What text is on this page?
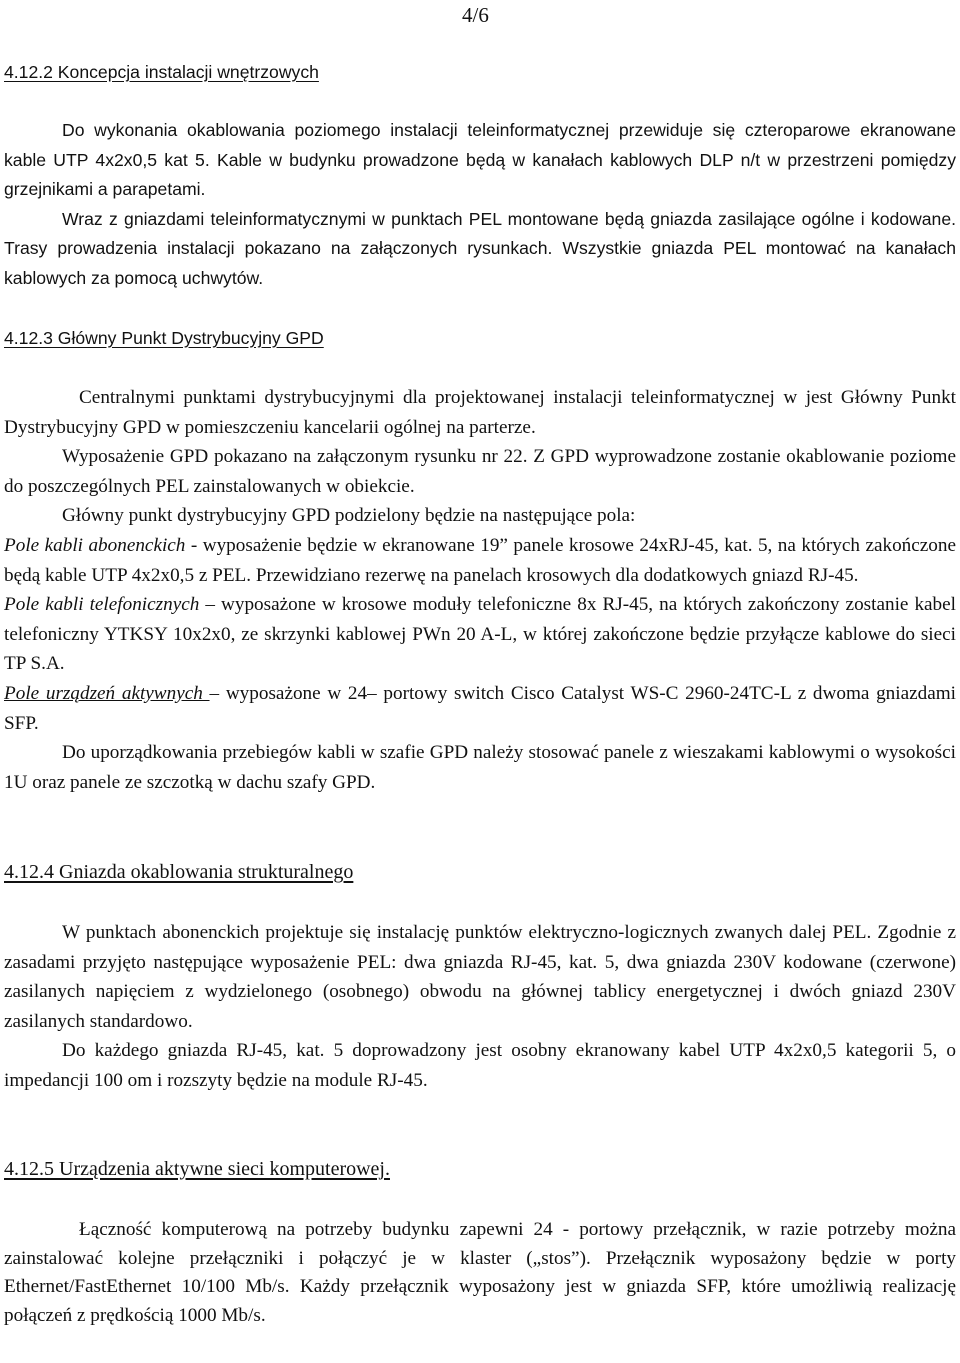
4/6
4.12.2 Koncepcja instalacji wnętrzowych

Do wykonania okablowania poziomego instalacji teleinformatycznej przewiduje się czteroparowe ekranowane kable UTP 4x2x0,5 kat 5. Kable w budynku prowadzone będą w kanałach kablowych DLP n/t w przestrzeni pomiędzy grzejnikami a parapetami.

Wraz z gniazdami teleinformatycznymi w punktach PEL montowane będą gniazda zasilające ogólne i kodowane. Trasy prowadzenia instalacji pokazano na załączonych rysunkach. Wszystkie gniazda PEL montować na kanałach kablowych za pomocą uchwytów.

4.12.3 Główny Punkt Dystrybucyjny GPD

Centralnymi punktami dystrybucyjnymi dla projektowanej instalacji teleinformatycznej w jest Główny Punkt Dystrybucyjny GPD w pomieszczeniu kancelarii ogólnej na parterze.

Wyposażenie GPD pokazano na załączonym rysunku nr 22. Z GPD wyprowadzone zostanie okablowanie poziome do poszczególnych PEL zainstalowanych w obiekcie.

Główny punkt dystrybucyjny GPD podzielony będzie na następujące pola:

Pole kabli abonenckich - wyposażenie będzie w ekranowane 19” panele krosowe 24xRJ-45, kat. 5, na których zakończone będą kable UTP 4x2x0,5 z PEL. Przewidziano rezerwę na panelach krosowych dla dodatkowych gniazd RJ-45.

Pole kabli telefonicznych – wyposażone w krosowe moduły telefoniczne 8x RJ-45, na których zakończony zostanie kabel telefoniczny YTKSY 10x2x0, ze skrzynki kablowej PWn 20 A-L, w której zakończone będzie przyłącze kablowe do sieci TP S.A.

Pole urządzeń aktywnych – wyposażone w 24– portowy switch Cisco Catalyst WS-C 2960-24TC-L z dwoma gniazdami SFP.

Do uporządkowania przebiegów kabli w szafie GPD należy stosować panele z wieszakami kablowymi o wysokości 1U oraz panele ze szczotką w dachu szafy GPD.

4.12.4 Gniazda okablowania strukturalnego

W punktach abonenckich projektuje się instalację punktów elektryczno-logicznych zwanych dalej PEL. Zgodnie z zasadami przyjęto następujące wyposażenie PEL: dwa gniazda RJ-45, kat. 5, dwa gniazda 230V kodowane (czerwone) zasilanych napięciem z wydzielonego (osobnego) obwodu na głównej tablicy energetycznej i dwóch gniazd 230V zasilanych standardowo.

Do każdego gniazda RJ-45, kat. 5 doprowadzony jest osobny ekranowany kabel UTP 4x2x0,5 kategorii 5, o impedancji 100 om i rozszyty będzie na module RJ-45.

4.12.5 Urządzenia aktywne sieci komputerowej.

Łączność komputerową na potrzeby budynku zapewni 24 - portowy przełącznik, w razie potrzeby można zainstalować kolejne przełączniki i połączyć je w klaster („stos”). Przełącznik wyposażony będzie w porty Ethernet/FastEthernet 10/100 Mb/s. Każdy przełącznik wyposażony jest w gniazda SFP, które umożliwią realizację połączeń z prędkością 1000 Mb/s.
